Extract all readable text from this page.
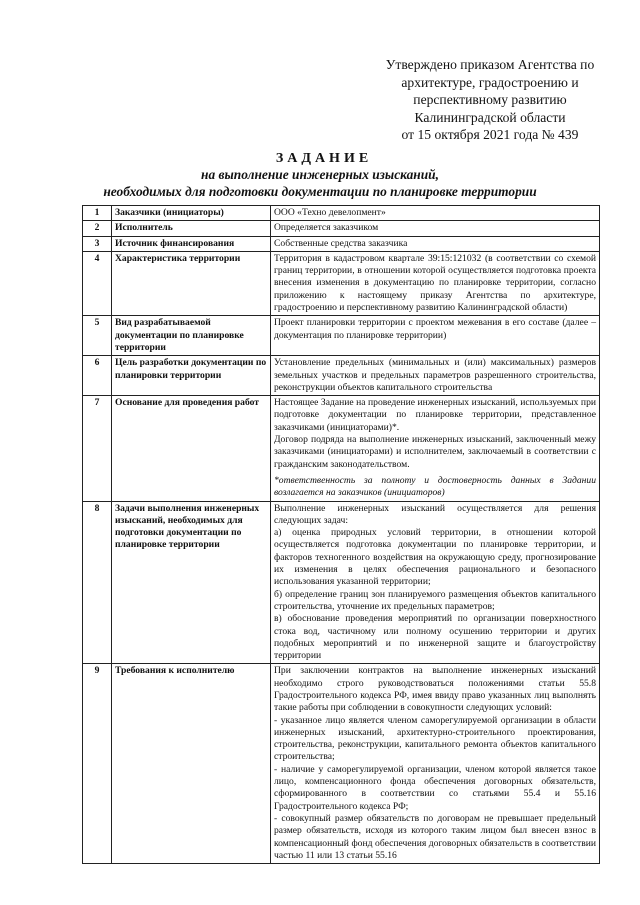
Утверждено приказом Агентства по
архитектуре, градостроению и
перспективному развитию
Калининградской области
от 15 октября 2021 года № 439
ЗАДАНИЕ
на выполнение инженерных изысканий,
необходимых для подготовки документации по планировке территории
1	Заказчики (инициаторы)	ООО «Техно девелопмент»

2	Исполнитель	Определяется заказчиком

3	Источник финансирования	Собственные средства заказчика

4	Характеристика территории	Территория в кадастровом квартале 39:15:121032 (в соответствии со схемой границ территории, в отношении которой осуществляется подготовка проекта внесения изменения в документацию по планировке территории, согласно приложению к настоящему приказу Агентства по архитектуре, градостроению и перспективному развитию Калининградской области)

5	Вид разрабатываемой документации по планировке территории	Проект планировки территории с проектом межевания в его составе (далее – документация по планировке территории)

6	Цель разработки документации по планировки территории	Установление предельных (минимальных и (или) максимальных) размеров земельных участков и предельных параметров разрешенного строительства, реконструкции объектов капитального строительства

7	Основание для проведения работ	Настоящее Задание на проведение инженерных изысканий, используемых при подготовке документации по планировке территории, представленное заказчиками (инициаторами)*.

Договор подряда на выполнение инженерных изысканий, заключенный межу заказчиками (инициаторами) и исполнителем, заключаемый в соответствии с гражданским законодательством.

*ответственность за полноту и достоверность данных в Задании возлагается на заказчиков (инициаторов)

8	Задачи выполнения инженерных изысканий, необходимых для подготовки документации по планировке территории	Выполнение инженерных изысканий осуществляется для решения следующих задач:

а) оценка природных условий территории, в отношении которой осуществляется подготовка документации по планировке территории, и факторов техногенного воздействия на окружающую среду, прогнозирование их изменения в целях обеспечения рационального и безопасного использования указанной территории;

б) определение границ зон планируемого размещения объектов капитального строительства, уточнение их предельных параметров;

в) обоснование проведения мероприятий по организации поверхностного стока вод, частичному или полному осушению территории и других подобных мероприятий и по инженерной защите и благоустройству территории

9	Требования к исполнителю	При заключении контрактов на выполнение инженерных изысканий необходимо строго руководствоваться положениями статьи 55.8 Градостроительного кодекса РФ, имея ввиду право указанных лиц выполнять такие работы при соблюдении в совокупности следующих условий:

- указанное лицо является членом саморегулируемой организации в области инженерных изысканий, архитектурно-строительного проектирования, строительства, реконструкции, капитального ремонта объектов капитального строительства;

- наличие у саморегулируемой организации, членом которой является такое лицо, компенсационного фонда обеспечения договорных обязательств, сформированного в соответствии со статьями 55.4 и 55.16 Градостроительного кодекса РФ;

- совокупный размер обязательств по договорам не превышает предельный размер обязательств, исходя из которого таким лицом был внесен взнос в компенсационный фонд обеспечения договорных обязательств в соответствии частью 11 или 13 статьи 55.16
